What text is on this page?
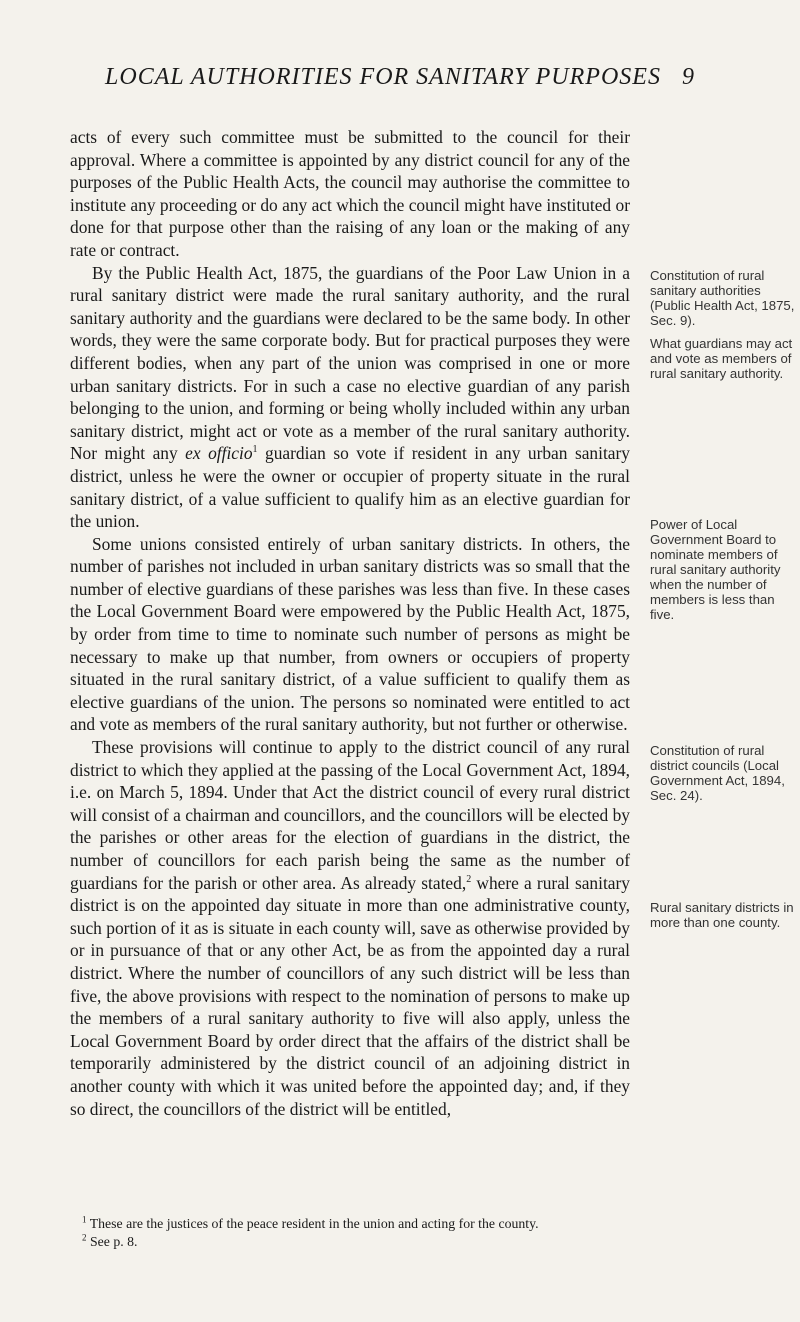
LOCAL AUTHORITIES FOR SANITARY PURPOSES 9

acts of every such committee must be submitted to the council for their approval. Where a committee is appointed by any district council for any of the purposes of the Public Health Acts, the council may authorise the committee to institute any proceeding or do any act which the council might have instituted or done for that purpose other than the raising of any loan or the making of any rate or contract.

By the Public Health Act, 1875, the guardians of the Poor Law Union in a rural sanitary district were made the rural sanitary authority, and the rural sanitary authority and the guardians were declared to be the same body. In other words, they were the same corporate body. But for practical purposes they were different bodies, when any part of the union was comprised in one or more urban sanitary districts. For in such a case no elective guardian of any parish belonging to the union, and forming or being wholly included within any urban sanitary district, might act or vote as a member of the rural sanitary authority. Nor might any ex officio$^1$ guardian so vote if resident in any urban sanitary district, unless he were the owner or occupier of property situate in the rural sanitary district, of a value sufficient to qualify him as an elective guardian for the union.

Some unions consisted entirely of urban sanitary districts. In others, the number of parishes not included in urban sanitary districts was so small that the number of elective guardians of these parishes was less than five. In these cases the Local Government Board were empowered by the Public Health Act, 1875, by order from time to time to nominate such number of persons as might be necessary to make up that number, from owners or occupiers of property situated in the rural sanitary district, of a value sufficient to qualify them as elective guardians of the union. The persons so nominated were entitled to act and vote as members of the rural sanitary authority, but not further or otherwise.

These provisions will continue to apply to the district council of any rural district to which they applied at the passing of the Local Government Act, 1894, i.e. on March 5, 1894. Under that Act the district council of every rural district will consist of a chairman and councillors, and the councillors will be elected by the parishes or other areas for the election of guardians in the district, the number of councillors for each parish being the same as the number of guardians for the parish or other area. As already stated,$^2$ where a rural sanitary district is on the appointed day situate in more than one administrative county, such portion of it as is situate in each county will, save as otherwise provided by or in pursuance of that or any other Act, be as from the appointed day a rural district. Where the number of councillors of any such district will be less than five, the above provisions with respect to the nomination of persons to make up the members of a rural sanitary authority to five will also apply, unless the Local Government Board by order direct that the affairs of the district shall be temporarily administered by the district council of an adjoining district in another county with which it was united before the appointed day; and, if they so direct, the councillors of the district will be entitled,

Constitution of rural sanitary authorities (Public Health Act, 1875, Sec. 9).
What guardians may act and vote as members of rural sanitary authority.
Power of Local Government Board to nominate members of rural sanitary authority when the number of members is less than five.
Constitution of rural district councils (Local Government Act, 1894, Sec. 24).
Rural sanitary districts in more than one county.

$^1$ These are the justices of the peace resident in the union and acting for the county.

$^2$ See p. 8.
